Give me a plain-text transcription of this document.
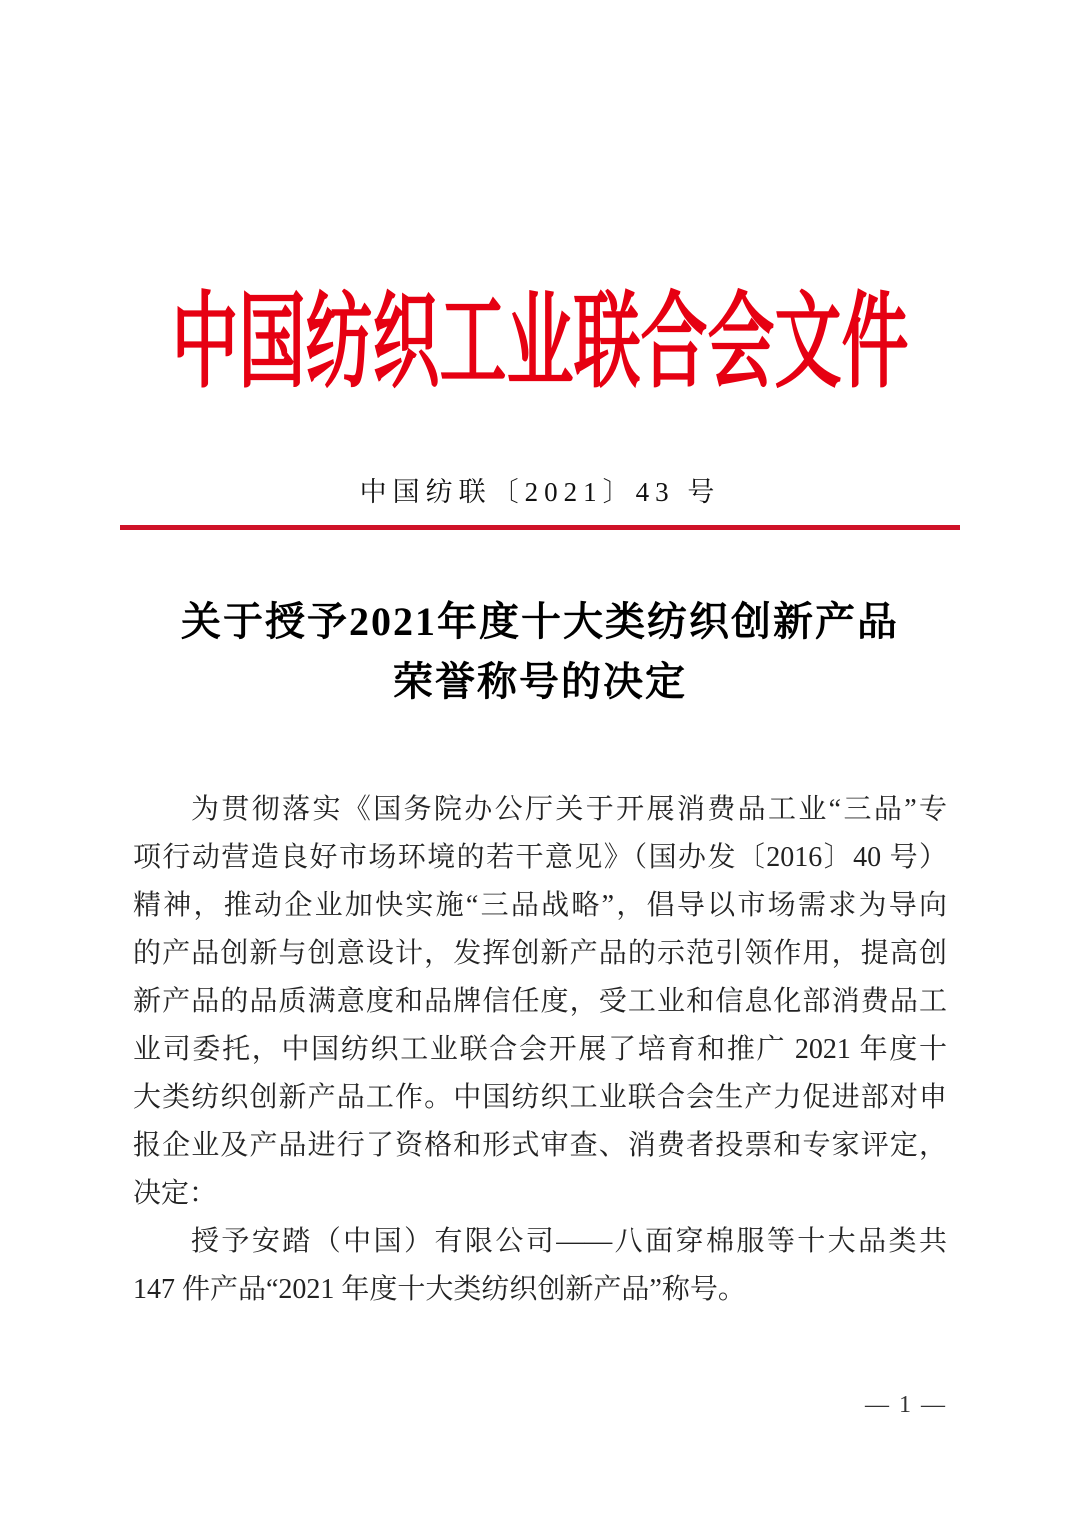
中国纺织工业联合会文件
中国纺联〔2021〕43 号
关于授予2021年度十大类纺织创新产品
荣誉称号的决定
为贯彻落实《国务院办公厅关于开展消费品工业“三品”专
项行动营造良好市场环境的若干意见》（国办发〔2016〕40 号）
精神，推动企业加快实施“三品战略”，倡导以市场需求为导向
的产品创新与创意设计，发挥创新产品的示范引领作用，提高创
新产品的品质满意度和品牌信任度，受工业和信息化部消费品工
业司委托，中国纺织工业联合会开展了培育和推广 2021 年度十
大类纺织创新产品工作。中国纺织工业联合会生产力促进部对申
报企业及产品进行了资格和形式审查、消费者投票和专家评定，
决定：
授予安踏（中国）有限公司——八面穿棉服等十大品类共
147 件产品“2021 年度十大类纺织创新产品”称号。
— 1 —
